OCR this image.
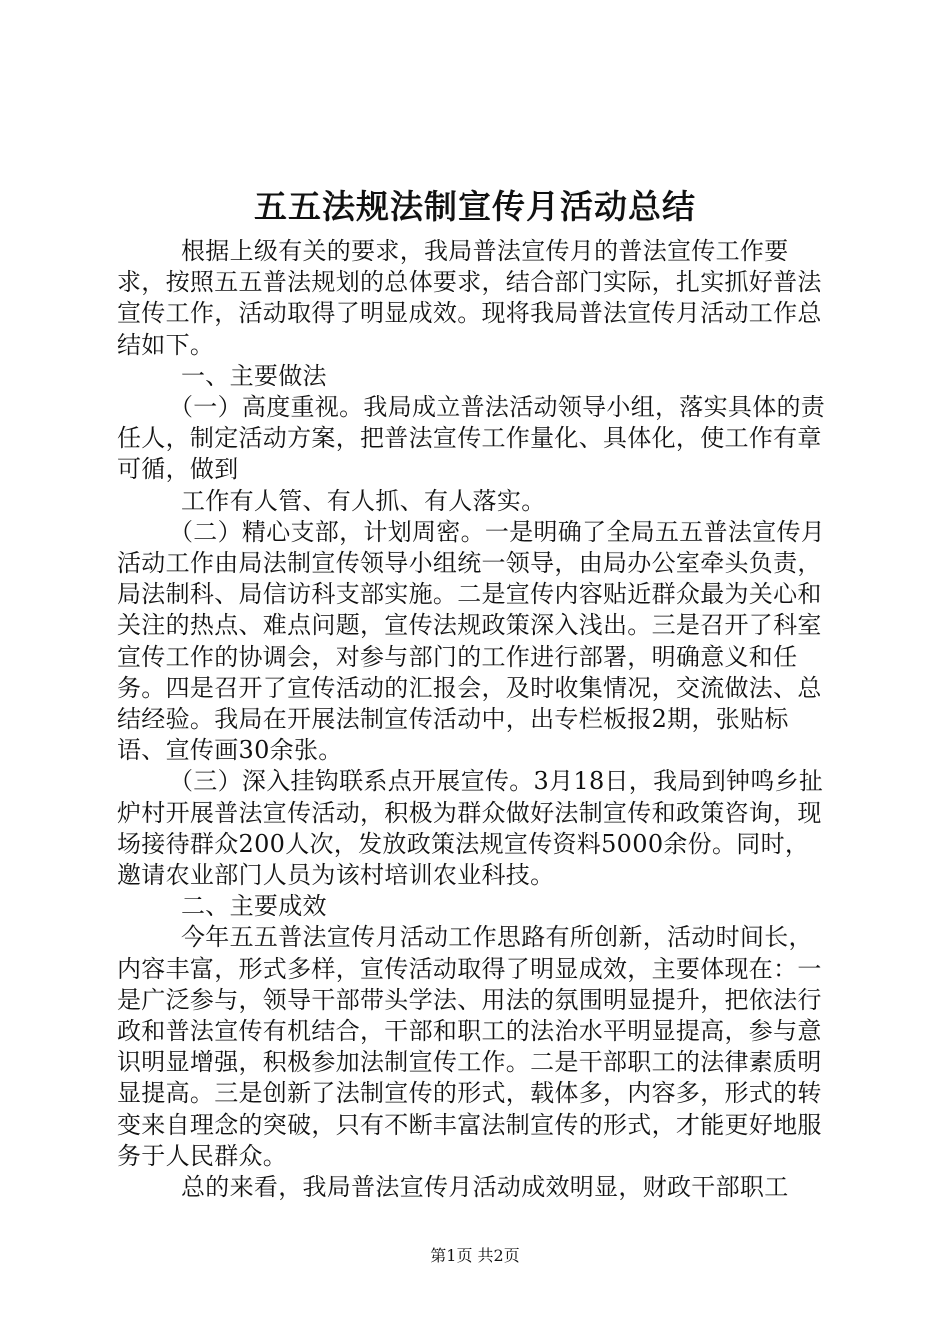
五五法规法制宣传月活动总结

根据上级有关的要求，我局普法宣传月的普法宣传工作要求，按照五五普法规划的总体要求，结合部门实际，扎实抓好普法宣传工作，活动取得了明显成效。现将我局普法宣传月活动工作总结如下。

一、主要做法

（一）高度重视。我局成立普法活动领导小组，落实具体的责任人，制定活动方案，把普法宣传工作量化、具体化，使工作有章可循，做到

工作有人管、有人抓、有人落实。

（二）精心支部，计划周密。一是明确了全局五五普法宣传月活动工作由局法制宣传领导小组统一领导，由局办公室牵头负责，局法制科、局信访科支部实施。二是宣传内容贴近群众最为关心和关注的热点、难点问题，宣传法规政策深入浅出。三是召开了科室宣传工作的协调会，对参与部门的工作进行部署，明确意义和任务。四是召开了宣传活动的汇报会，及时收集情况，交流做法、总结经验。我局在开展法制宣传活动中，出专栏板报2期，张贴标语、宣传画30余张。

（三）深入挂钩联系点开展宣传。3月18日，我局到钟鸣乡扯炉村开展普法宣传活动，积极为群众做好法制宣传和政策咨询，现场接待群众200人次，发放政策法规宣传资料5000余份。同时，邀请农业部门人员为该村培训农业科技。

二、主要成效

今年五五普法宣传月活动工作思路有所创新，活动时间长，内容丰富，形式多样，宣传活动取得了明显成效，主要体现在：一是广泛参与，领导干部带头学法、用法的氛围明显提升，把依法行政和普法宣传有机结合，干部和职工的法治水平明显提高，参与意识明显增强，积极参加法制宣传工作。二是干部职工的法律素质明显提高。三是创新了法制宣传的形式，载体多，内容多，形式的转变来自理念的突破，只有不断丰富法制宣传的形式，才能更好地服务于人民群众。

总的来看，我局普法宣传月活动成效明显，财政干部职工

第1页 共2页
